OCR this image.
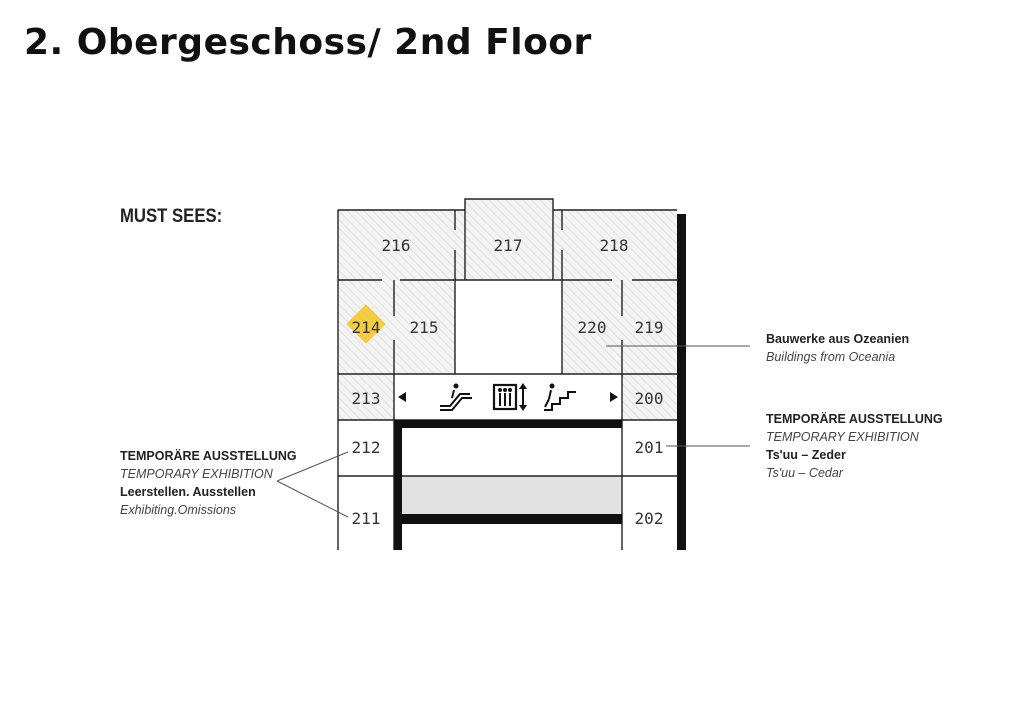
2. Obergeschoss/ 2nd Floor
MUST SEES:
216	217	218
214 215	220 219
213	200
212	201
211	202
Bauwerke aus Ozeanien
Buildings from Oceania
TEMPORÄRE AUSSTELLUNG
TEMPORARY EXHIBITION
Ts'uu – Zeder
Ts'uu – Cedar
TEMPORÄRE AUSSTELLUNG
TEMPORARY EXHIBITION
Leerstellen. Ausstellen
Exhibiting.Omissions
